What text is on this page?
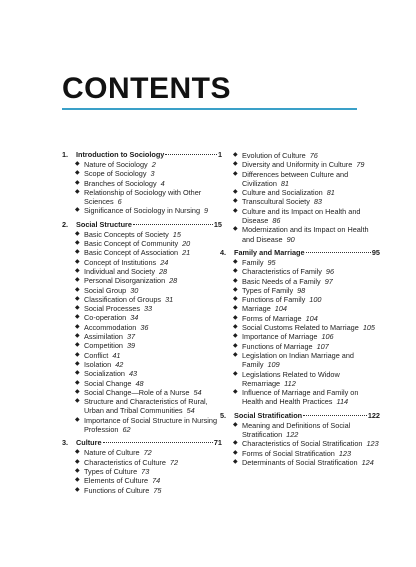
CONTENTS
1.	Introduction to Sociology	1
◆ Nature of Sociology 2
◆ Scope of Sociology 3
◆ Branches of Sociology 4
◆ Relationship of Sociology with Other Sciences 6
◆ Significance of Sociology in Nursing 9
2.	Social Structure	15
◆ Basic Concepts of Society 15
◆ Basic Concept of Community 20
◆ Basic Concept of Association 21
◆ Concept of Institutions 24
◆ Individual and Society 28
◆ Personal Disorganization 28
◆ Social Group 30
◆ Classification of Groups 31
◆ Social Processes 33
◆ Co-operation 34
◆ Accommodation 36
◆ Assimilation 37
◆ Competition 39
◆ Conflict 41
◆ Isolation 42
◆ Socialization 43
◆ Social Change 48
◆ Social Change—Role of a Nurse 54
◆ Structure and Characteristics of Rural, Urban and Tribal Communities 54
◆ Importance of Social Structure in Nursing Profession 62
3.	Culture	71
◆ Nature of Culture 72
◆ Characteristics of Culture 72
◆ Types of Culture 73
◆ Elements of Culture 74
◆ Functions of Culture 75
◆ Evolution of Culture 76
◆ Diversity and Uniformity in Culture 79
◆ Differences between Culture and Civilization 81
◆ Culture and Socialization 81
◆ Transcultural Society 83
◆ Culture and its Impact on Health and Disease 86
◆ Modernization and its Impact on Health and Disease 90
4.	Family and Marriage	95
◆ Family 95
◆ Characteristics of Family 96
◆ Basic Needs of a Family 97
◆ Types of Family 98
◆ Functions of Family 100
◆ Marriage 104
◆ Forms of Marriage 104
◆ Social Customs Related to Marriage 105
◆ Importance of Marriage 106
◆ Functions of Marriage 107
◆ Legislation on Indian Marriage and Family 109
◆ Legislations Related to Widow Remarriage 112
◆ Influence of Marriage and Family on Health and Health Practices 114
5.	Social Stratification	122
◆ Meaning and Definitions of Social Stratification 122
◆ Characteristics of Social Stratification 123
◆ Forms of Social Stratification 123
◆ Determinants of Social Stratification 124
